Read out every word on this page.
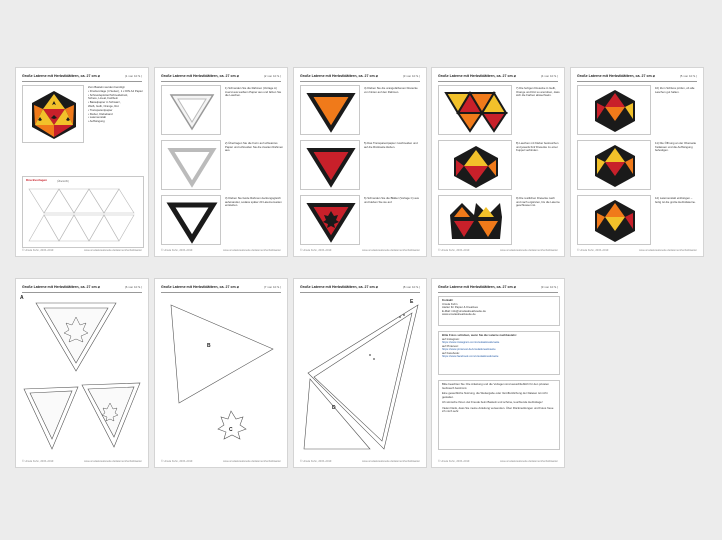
Große Laterne mit Herbstblättern, ca. 27 cm ⌀	(1 von 10 S.)
Zum Basteln werden benötigt:
• Druckvorlage (4 Seiten), 1 x DIN A4 Papier
• Schneideplotter/Schneidebrett,
Schere, Lineal, Falzbein
• Bastelpapier in Schwarz,
Weiß, Gelb, Orange, Rot
• Transparentpapier
• Kleber, Klebeband
• Laternenstab
• Aufhängung
Druckvorlagen	(Übersicht)
© Ursula Kuhn, 2015–2019	www.ursulaskreativseite.de/laternen/herbstblaetter
Große Laterne mit Herbstblättern, ca. 27 cm ⌀	(2 von 10 S.)
1) Schneiden Sie die Rahmen (Vorlage A) zuerst aus weißem Papier aus und falzen Sie die Laschen.
2) Übertragen Sie die Form auf schwarzes Papier und schneiden Sie die zweiten Rahmen aus.
3) Kleben Sie beide Rahmen deckungsgleich aufeinander, sodass später 20 Laternenseiten entstehen.
© Ursula Kuhn, 2015–2019	www.ursulaskreativseite.de/laternen/herbstblaetter
Große Laterne mit Herbstblättern, ca. 27 cm ⌀	(3 von 10 S.)
4) Kleben Sie die orangefarbenen Dreiecke von hinten auf den Rahmen.
5) Das Transparentpapier zuschneiden und auf die Rückseite kleben.
6) Schneiden Sie die Blätter (Vorlage C) aus und kleben Sie sie auf.
© Ursula Kuhn, 2015–2019	www.ursulaskreativseite.de/laternen/herbstblaetter
Große Laterne mit Herbstblättern, ca. 27 cm ⌀	(4 von 10 S.)
7) Die fertigen Dreiecke in Gelb, Orange und Rot so anordnen, dass sich die Farben abwechseln.
8) Laschen mit Kleber bestreichen und jeweils fünf Dreiecke zu einer Kuppel verbinden.
9) Die restlichen Dreiecke nach und nach ergänzen, bis die Laterne geschlossen ist.
© Ursula Kuhn, 2015–2019	www.ursulaskreativseite.de/laternen/herbstblaetter
Große Laterne mit Herbstblättern, ca. 27 cm ⌀	(5 von 10 S.)
10) Zum Schluss prüfen, ob alle Laschen gut halten.
11) Die Öffnung an der Oberseite freilassen und die Aufhängung befestigen.
12) Laternenstab einhängen – fertig ist die große Herbstlaterne.
© Ursula Kuhn, 2015–2019	www.ursulaskreativseite.de/laternen/herbstblaetter
Große Laterne mit Herbstblättern, ca. 27 cm ⌀	(6 von 10 S.)
A
© Ursula Kuhn, 2015–2019	www.ursulaskreativseite.de/laternen/herbstblaetter
Große Laterne mit Herbstblättern, ca. 27 cm ⌀	(7 von 10 S.)
B
C
© Ursula Kuhn, 2015–2019	www.ursulaskreativseite.de/laternen/herbstblaetter
Große Laterne mit Herbstblättern, ca. 27 cm ⌀	(8 von 10 S.)
E
D
© Ursula Kuhn, 2015–2019	www.ursulaskreativseite.de/laternen/herbstblaetter
Große Laterne mit Herbstblättern, ca. 27 cm ⌀	(9 von 10 S.)
Kontakt:
Ursula Kuhn
Atelier für Papier & Kreatives
E-Mail: info@ursulaskreativseite.de
www.ursulaskreativseite.de
Bitte Fotos schicken, wenn Sie die Laterne nachbasteln:
auf Instagram:
https://www.instagram.com/ursulaskreativseite
auf Pinterest:
https://www.pinterest.de/ursulaskreativseite
auf Facebook:
https://www.facebook.com/ursulaskreativseite
Bitte beachten Sie: Die Anleitung und die Vorlagen sind ausschließlich für den privaten Gebrauch bestimmt.
Eine gewerbliche Nutzung, die Weitergabe oder Veröffentlichung der Dateien ist nicht gestattet.
Ich wünsche Ihnen viel Freude beim Basteln und schöne, leuchtende Herbsttage!
Vielen Dank, dass Sie meine Anleitung verwenden. Über Rückmeldungen und Fotos freue ich mich sehr.
© Ursula Kuhn, 2015–2019	www.ursulaskreativseite.de/laternen/herbstblaetter
